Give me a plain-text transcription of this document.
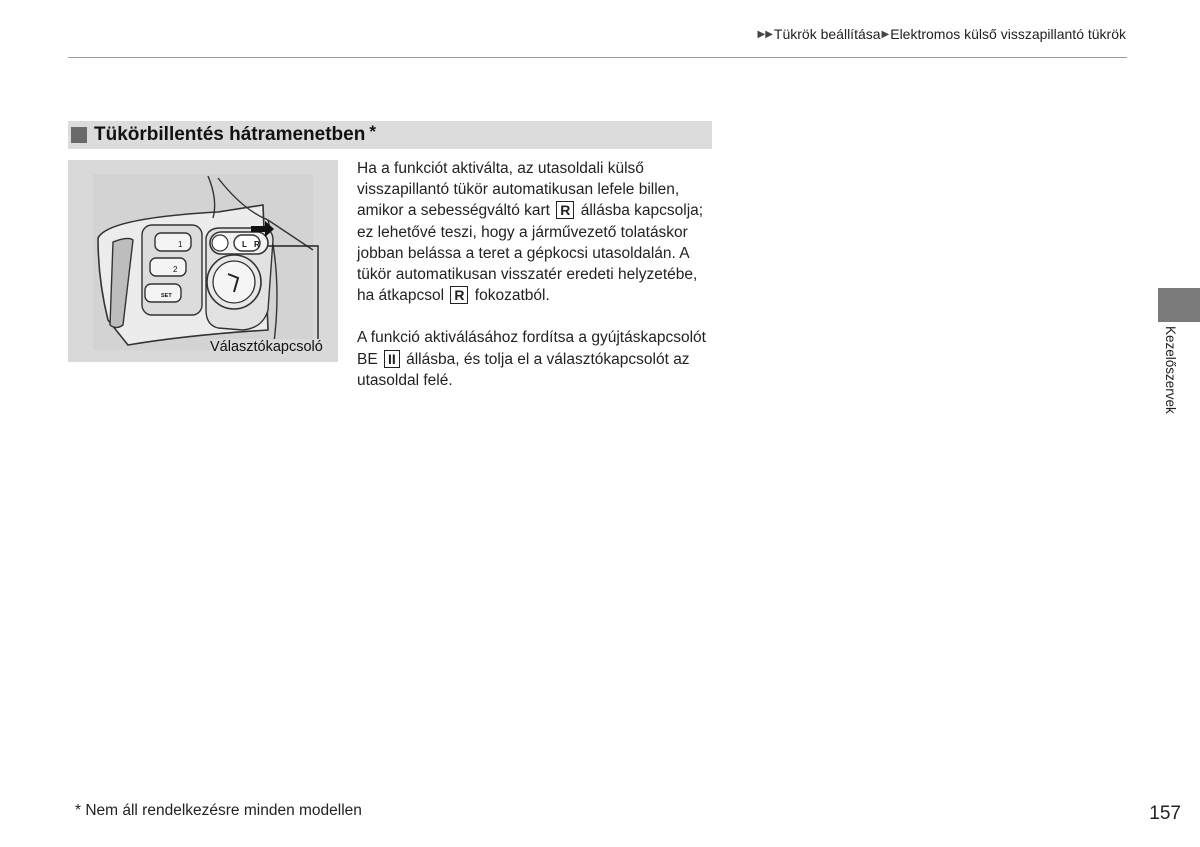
▶▶ Tükrök beállítása ▶ Elektromos külső visszapillantó tükrök
Tükörbillentés hátramenetben *
1
2
SET
L R
Választókapcsoló

Ha a funkciót aktiválta, az utasoldali külső visszapillantó tükör automatikusan lefele billen, amikor a sebességváltó kart R állásba kapcsolja; ez lehetővé teszi, hogy a járművezető tolatáskor jobban belássa a teret a gépkocsi utasoldalán. A tükör automatikusan visszatér eredeti helyzetébe, ha átkapcsol R fokozatból.

A funkció aktiválásához fordítsa a gyújtáskapcsolót BE II állásba, és tolja el a választókapcsolót az utasoldal felé.	Kezelőszervek
* Nem áll rendelkezésre minden modellen	157
